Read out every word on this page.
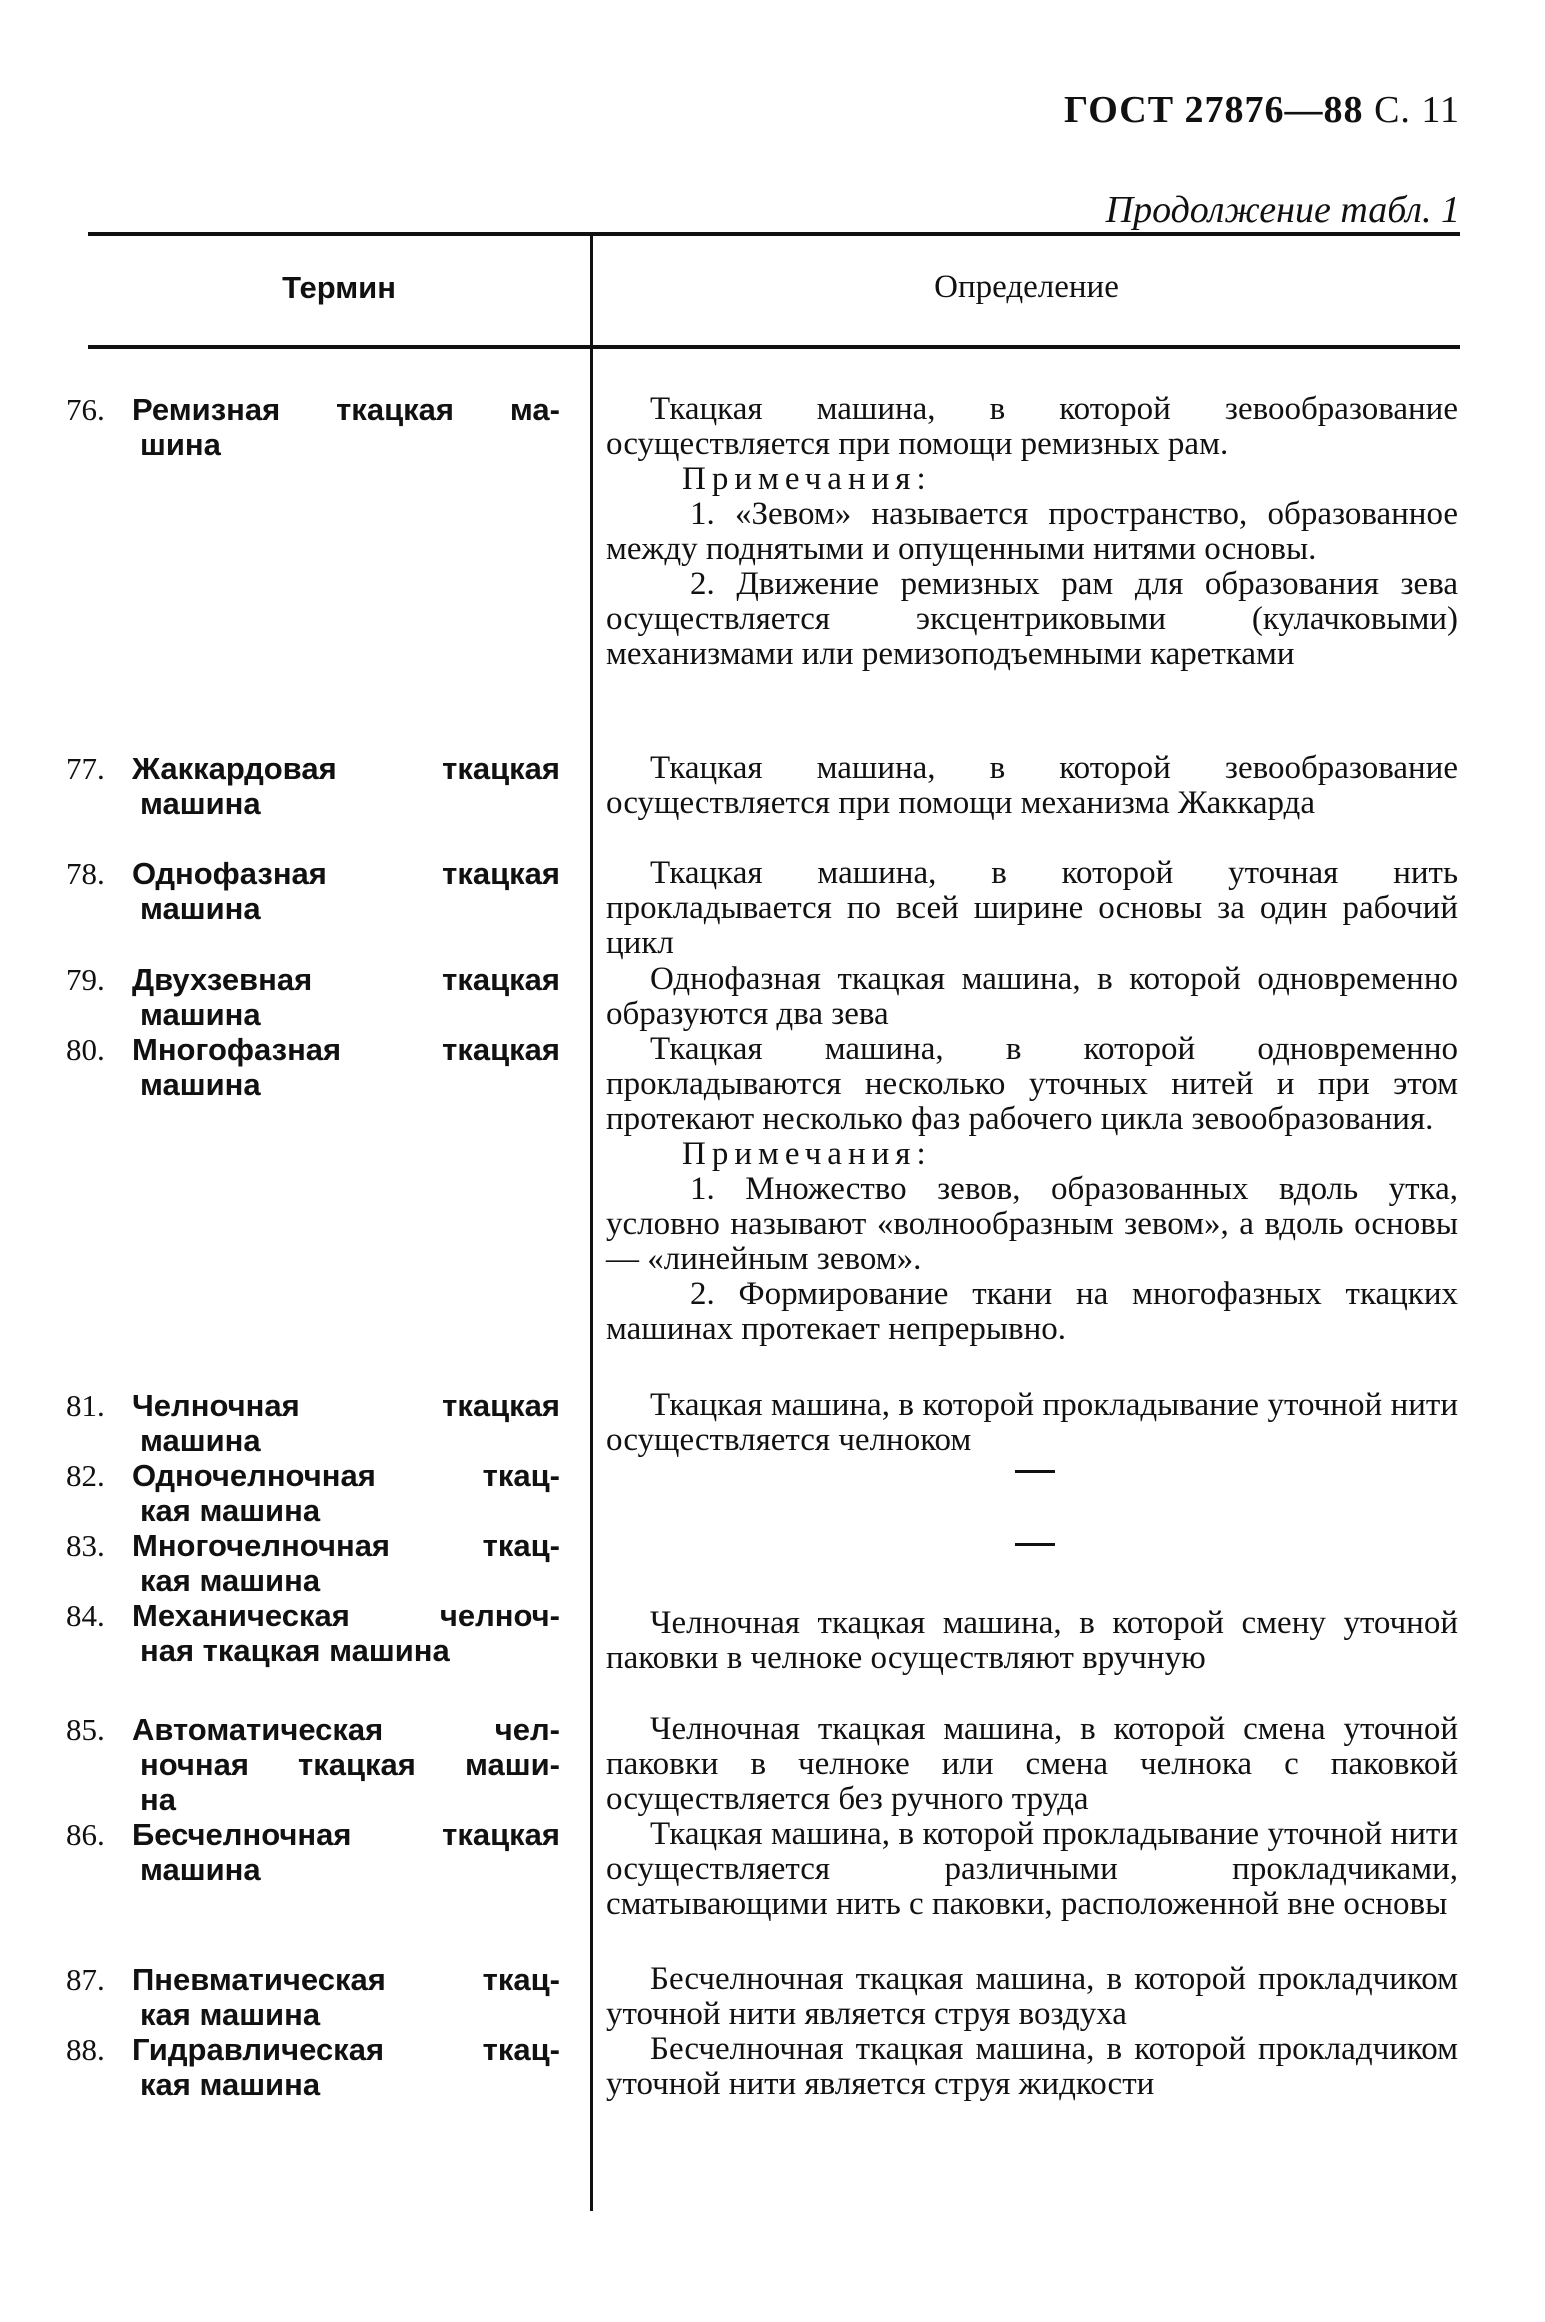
ГОСТ 27876—88 С. 11
Продолжение табл. 1
Термин	Определение
76. Ремизная ткацкая ма-
шина

Ткацкая машина, в которой зевообразование осуществляется при помощи ремизных рам.

Примечания:

1. «Зевом» называется пространство, образованное между поднятыми и опущенными нитями основы.

2. Движение ремизных рам для образования зева осуществляется эксцентриковыми (кулачковыми) механизмами или ремизоподъемными каретками

77. Жаккардовая ткацкая
машина

Ткацкая машина, в которой зевообразование осуществляется при помощи механизма Жаккарда

78. Однофазная ткацкая
машина

Ткацкая машина, в которой уточная нить прокладывается по всей ширине основы за один рабочий цикл

79. Двухзевная ткацкая
машина

Однофазная ткацкая машина, в которой одновременно образуются два зева

80. Многофазная ткацкая
машина

Ткацкая машина, в которой одновременно прокладываются несколько уточных нитей и при этом протекают несколько фаз рабочего цикла зевообразования.

Примечания:

1. Множество зевов, образованных вдоль утка, условно называют «волнообразным зевом», а вдоль основы — «линейным зевом».

2. Формирование ткани на многофазных ткацких машинах протекает непрерывно.

81. Челночная ткацкая
машина

Ткацкая машина, в которой прокладывание уточной нити осуществляется челноком

82. Одночелночная ткац-
кая машина
83. Многочелночная ткац-
кая машина
84. Механическая челноч-
ная ткацкая машина

Челночная ткацкая машина, в которой смену уточной паковки в челноке осуществляют вручную

85. Автоматическая чел-
ночная ткацкая маши-
на

Челночная ткацкая машина, в которой смена уточной паковки в челноке или смена челнока с паковкой осуществляется без ручного труда

86. Бесчелночная ткацкая
машина

Ткацкая машина, в которой прокладывание уточной нити осуществляется различными прокладчиками, сматывающими нить с паковки, расположенной вне основы

87. Пневматическая ткац-
кая машина

Бесчелночная ткацкая машина, в которой прокладчиком уточной нити является струя воздуха

88. Гидравлическая ткац-
кая машина

Бесчелночная ткацкая машина, в которой прокладчиком уточной нити является струя жидкости
